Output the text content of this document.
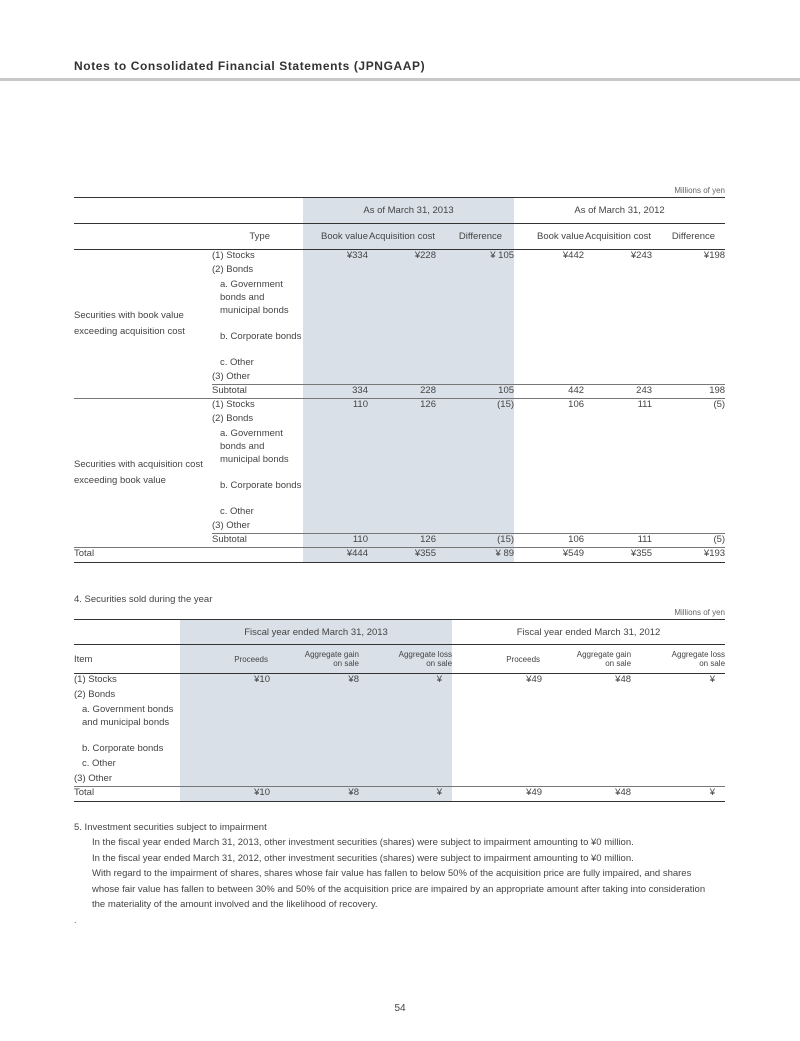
Notes to Consolidated Financial Statements (JPNGAAP)
Millions of yen
		As of March 31, 2013			As of March 31, 2012		
	Type	Book value	Acquisition cost	Difference	Book value	Acquisition cost	Difference
Securities with book value exceeding acquisition cost	(1) Stocks	¥334	¥228	¥ 105	¥442	¥243	¥198
	(2) Bonds						
	a. Government bonds and municipal bonds						
	b. Corporate bonds						
	c. Other						
	(3) Other						
	Subtotal	334	228	105	442	243	198
Securities with acquisition cost exceeding book value	(1) Stocks	110	126	(15)	106	111	(5)
	(2) Bonds						
	a. Government bonds and municipal bonds						
	b. Corporate bonds						
	c. Other						
	(3) Other						
	Subtotal	110	126	(15)	106	111	(5)
Total		¥444	¥355	¥ 89	¥549	¥355	¥193
4. Securities sold during the year
Millions of yen
	Fiscal year ended March 31, 2013			Fiscal year ended March 31, 2012		
Item	Proceeds	Aggregate gain on sale	Aggregate loss on sale	Proceeds	Aggregate gain on sale	Aggregate loss on sale
(1) Stocks	¥10	¥8	¥	¥49	¥48	¥
(2) Bonds						
a. Government bonds and municipal bonds						
b. Corporate bonds						
c. Other						
(3) Other						
Total	¥10	¥8	¥	¥49	¥48	¥
5. Investment securities subject to impairment
In the fiscal year ended March 31, 2013, other investment securities (shares) were subject to impairment amounting to ¥0 million.
In the fiscal year ended March 31, 2012, other investment securities (shares) were subject to impairment amounting to ¥0 million.
With regard to the impairment of shares, shares whose fair value has fallen to below 50% of the acquisition price are fully impaired, and shares
whose fair value has fallen to between 30% and 50% of the acquisition price are impaired by an appropriate amount after taking into consideration
the materiality of the amount involved and the likelihood of recovery.
.
54
